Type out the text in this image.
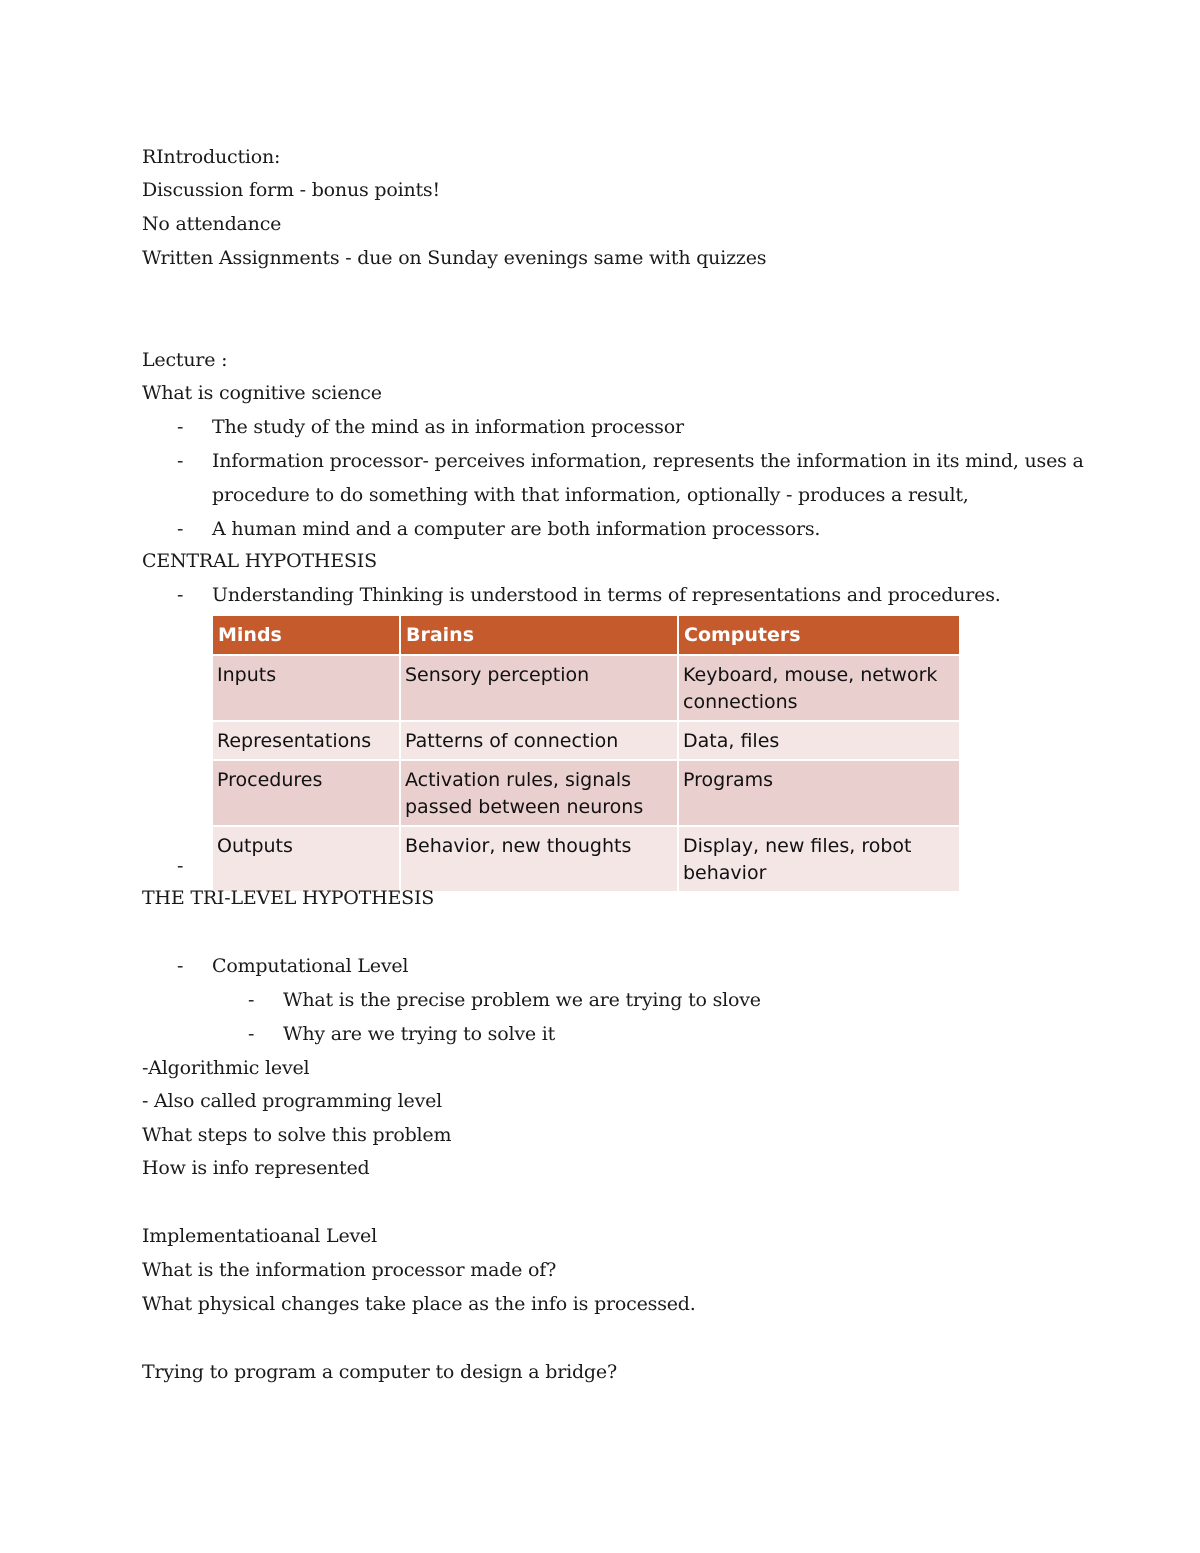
RIntroduction:
Discussion form - bonus points!
No attendance
Written Assignments - due on Sunday evenings same with quizzes
Lecture :
What is cognitive science
- The study of the mind as in information processor
- Information processor- perceives information, represents the information in its mind, uses a
procedure to do something with that information, optionally - produces a result,
- A human mind and a computer are both information processors.
CENTRAL HYPOTHESIS
- Understanding Thinking is understood in terms of representations and procedures.
Minds	Brains	Computers
Inputs	Sensory perception	Keyboard, mouse, network connections
Representations	Patterns of connection	Data, files
Procedures	Activation rules, signals passed between neurons	Programs
Outputs	Behavior, new thoughts	Display, new files, robot behavior
-
THE TRI-LEVEL HYPOTHESIS
- Computational Level
- What is the precise problem we are trying to slove
- Why are we trying to solve it
-Algorithmic level
- Also called programming level
What steps to solve this problem
How is info represented
Implementatioanal Level
What is the information processor made of?
What physical changes take place as the info is processed.
Trying to program a computer to design a bridge?
